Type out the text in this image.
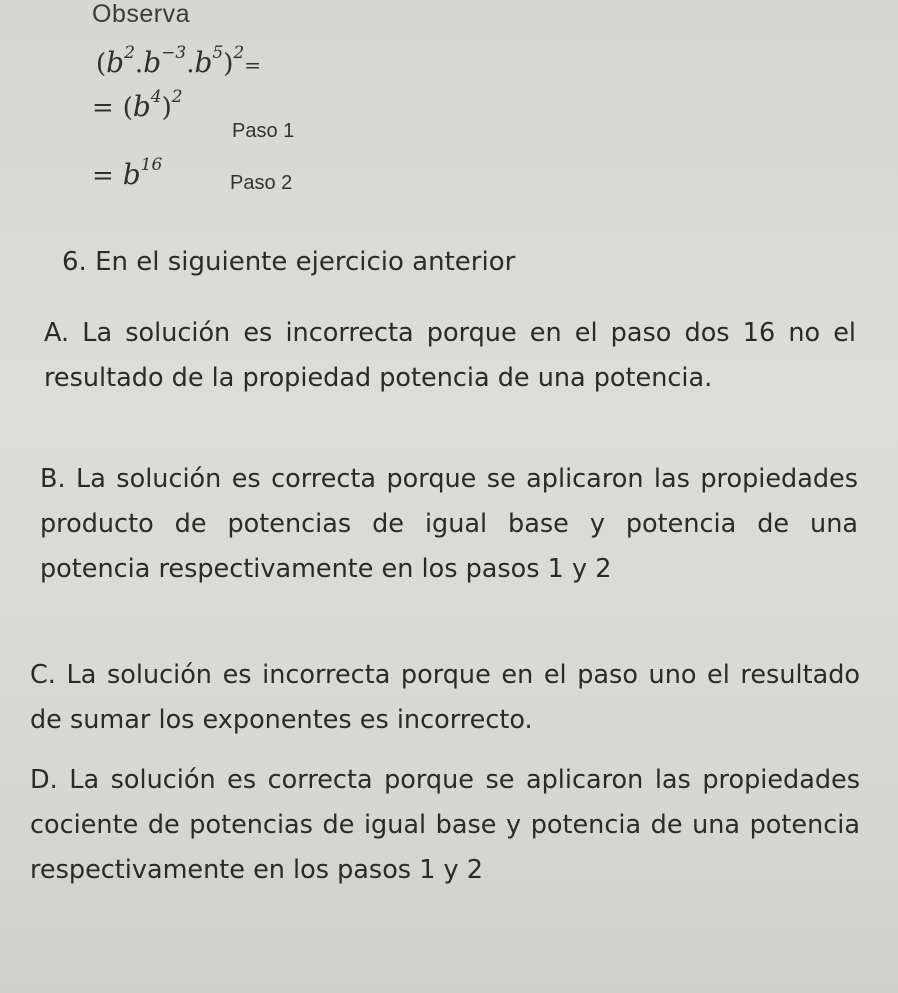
Observa
$(b^2.b^{-3}.b^5)^2=$
= $(b^4)^2$
Paso 1
= $b^{16}$
Paso 2
6. En el siguiente ejercicio anterior
A. La solución es incorrecta porque en el paso dos 16 no el resultado de la propiedad potencia de una potencia.
B. La solución es correcta porque se aplicaron las propiedades producto de potencias de igual base y potencia de una potencia respectivamente en los pasos 1 y 2
C. La solución es incorrecta porque en el paso uno el resultado de sumar los exponentes es incorrecto.
D. La solución es correcta porque se aplicaron las propiedades cociente de potencias de igual base y potencia de una potencia respectivamente en los pasos 1 y 2
